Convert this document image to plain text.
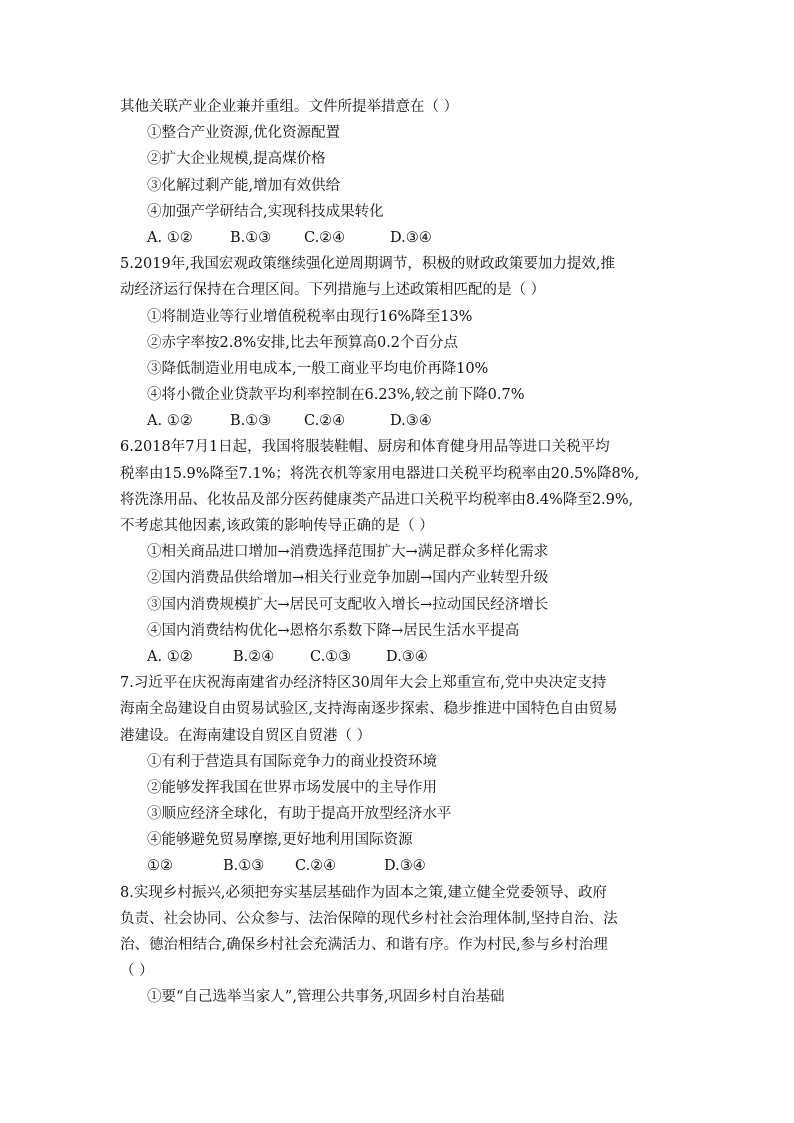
其他关联产业企业兼并重组。文件所提举措意在（ ）
①整合产业资源,优化资源配置
②扩大企业规模,提高煤价格
③化解过剩产能,增加有效供给
④加强产学研结合,实现科技成果转化
A. ①②	B.①③	C.②④	D.③④
5.2019年,我国宏观政策继续强化逆周期调节，积极的财政政策要加力提效,推
动经济运行保持在合理区间。下列措施与上述政策相匹配的是（ ）
①将制造业等行业增值税税率由现行16%降至13%
②赤字率按2.8%安排,比去年预算高0.2个百分点
③降低制造业用电成本,一般工商业平均电价再降10%
④将小微企业贷款平均利率控制在6.23%,较之前下降0.7%
A. ①②	B.①③	C.②④	D.③④
6.2018年7月1日起，我国将服装鞋帽、厨房和体育健身用品等进口关税平均
税率由15.9%降至7.1%；将洗衣机等家用电器进口关税平均税率由20.5%降8%,
将洗涤用品、化妆品及部分医药健康类产品进口关税平均税率由8.4%降至2.9%,
不考虑其他因素,该政策的影响传导正确的是（ ）
①相关商品进口增加→消费选择范围扩大→满足群众多样化需求
②国内消费品供给增加→相关行业竞争加剧→国内产业转型升级
③国内消费规模扩大→居民可支配收入增长→拉动国民经济增长
④国内消费结构优化→恩格尔系数下降→居民生活水平提高
A. ①②	B.②④	C.①③	D.③④
7.习近平在庆祝海南建省办经济特区30周年大会上郑重宣布,党中央决定支持
海南全岛建设自由贸易试验区,支持海南逐步探索、稳步推进中国特色自由贸易
港建设。在海南建设自贸区自贸港（ ）
①有利于营造具有国际竞争力的商业投资环境
②能够发挥我国在世界市场发展中的主导作用
③顺应经济全球化，有助于提高开放型经济水平
④能够避免贸易摩擦,更好地利用国际资源
①②	B.①③	C.②④	D.③④
8.实现乡村振兴,必须把夯实基层基础作为固本之策,建立健全党委领导、政府
负责、社会协同、公众参与、法治保障的现代乡村社会治理体制,坚持自治、法
治、德治相结合,确保乡村社会充满活力、和谐有序。作为村民,参与乡村治理
（ ）
①要“自己选举当家人”,管理公共事务,巩固乡村自治基础
